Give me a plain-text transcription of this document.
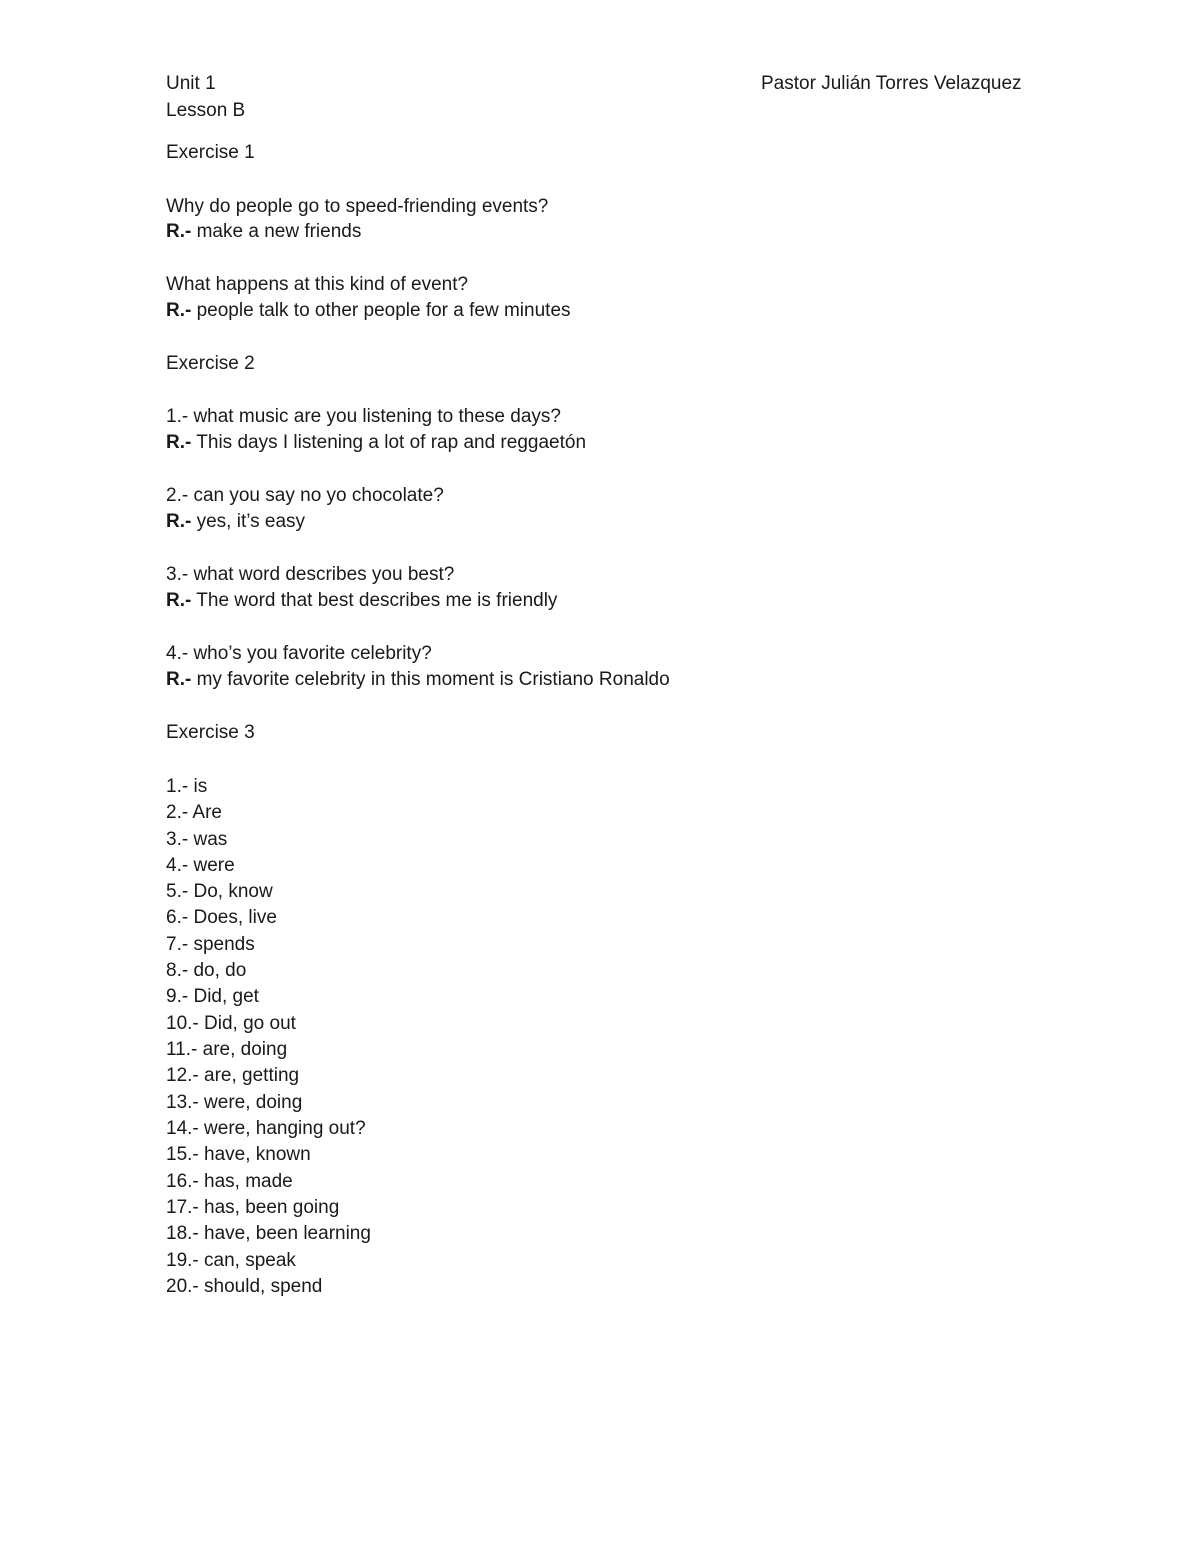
Unit 1	Pastor Julián Torres Velazquez
Lesson B
Exercise 1
Why do people go to speed-friending events?
R.- make a new friends
What happens at this kind of event?
R.- people talk to other people for a few minutes
Exercise 2
1.- what music are you listening to these days?
R.- This days I listening a lot of rap and reggaetón
2.- can you say no yo chocolate?
R.- yes, it’s easy
3.- what word describes you best?
R.- The word that best describes me is friendly
4.- who’s you favorite celebrity?
R.- my favorite celebrity in this moment is Cristiano Ronaldo
Exercise 3
1.- is
2.- Are
3.- was
4.- were
5.- Do, know
6.- Does, live
7.- spends
8.- do, do
9.- Did, get
10.- Did, go out
11.- are, doing
12.- are, getting
13.- were, doing
14.- were, hanging out?
15.- have, known
16.- has, made
17.- has, been going
18.- have, been learning
19.- can, speak
20.- should, spend
